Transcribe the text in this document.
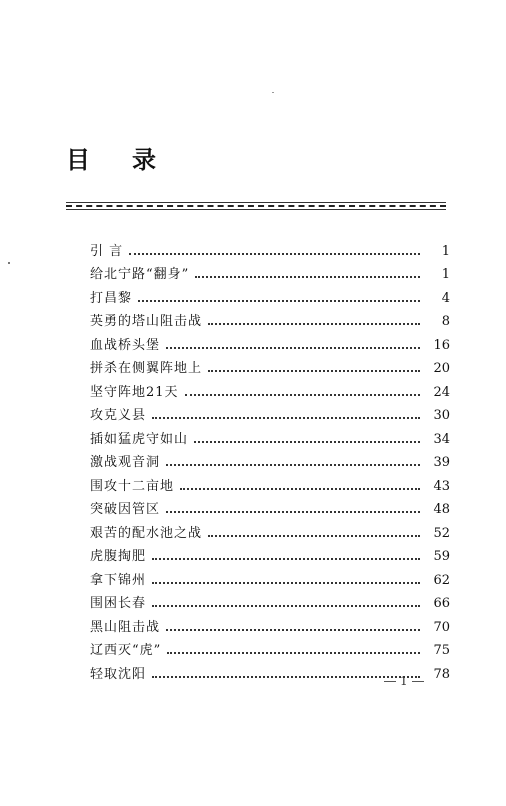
目录
引 言	1
给北宁路“翻身”	1
打昌黎	4
英勇的塔山阻击战	8
血战桥头堡	16
拼杀在侧翼阵地上	20
坚守阵地21天	24
攻克义县	30
插如猛虎守如山	34
激战观音洞	39
围攻十二亩地	43
突破因管区	48
艰苦的配水池之战	52
虎腹掏肥	59
拿下锦州	62
围困长春	66
黑山阻击战	70
辽西灭“虎”	75
轻取沈阳	78
1
